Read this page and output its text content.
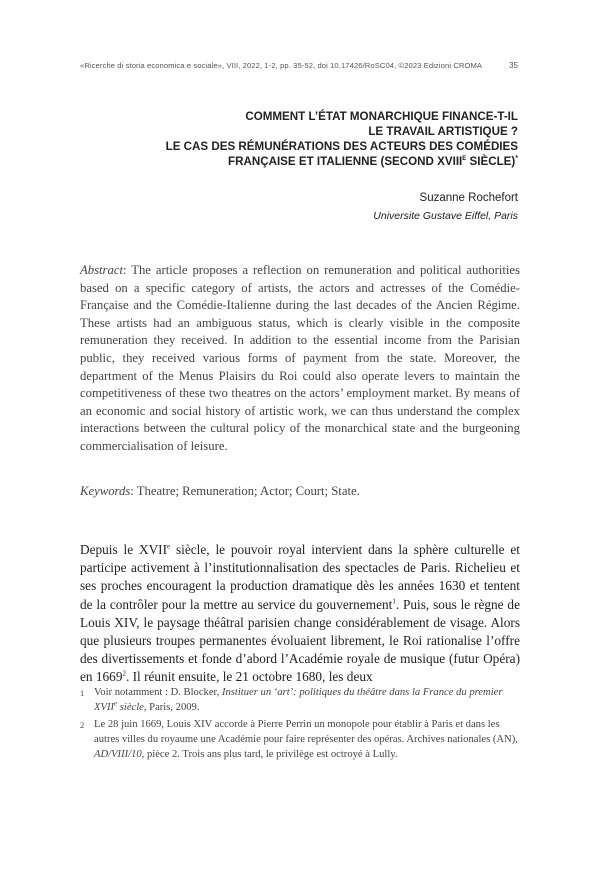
«Ricerche di storia economica e sociale», VIII, 2022, 1-2, pp. 35-52, doi 10.17426/RoSC04, ©2023 Edizioni CROMA	35
COMMENT L’ÉTAT MONARCHIQUE FINANCE-T-IL
LE TRAVAIL ARTISTIQUE ?
LE CAS DES RÉMUNÉRATIONS DES ACTEURS DES COMÉDIES
FRANÇAISE ET ITALIENNE (SECOND $XVIII^E$ SIÈCLE)*
Suzanne Rochefort
Universite Gustave Eiffel, Paris
Abstract: The article proposes a reflection on remuneration and political authorities based on a specific category of artists, the actors and actresses of the Comédie-Française and the Comédie-Italienne during the last decades of the Ancien Régime. These artists had an ambiguous status, which is clearly visible in the composite remuneration they received. In addition to the essential income from the Parisian public, they received various forms of payment from the state. Moreover, the department of the Menus Plaisirs du Roi could also operate levers to maintain the competitiveness of these two theatres on the actors’ employment market. By means of an economic and social history of artistic work, we can thus understand the complex interactions between the cultural policy of the monarchical state and the burgeoning commercialisation of leisure.
Keywords: Theatre; Remuneration; Actor; Court; State.
Depuis le XVIIe siècle, le pouvoir royal intervient dans la sphère culturelle et participe activement à l’institutionnalisation des spectacles de Paris. Richelieu et ses proches encouragent la production dramatique dès les années 1630 et tentent de la contrôler pour la mettre au service du gouvernement$^1$. Puis, sous le règne de Louis XIV, le paysage théâtral parisien change considérablement de visage. Alors que plusieurs troupes permanentes évoluaient librement, le Roi rationalise l’offre des divertissements et fonde d’abord l’Académie royale de musique (futur Opéra) en 1669$^2$. Il réunit ensuite, le 21 octobre 1680, les deux
1 Voir notamment : D. Blocker, Instituer un ‘art’: politiques du théâtre dans la France du premier XVIIe siècle, Paris, 2009.
2 Le 28 juin 1669, Louis XIV accorde à Pierre Perrin un monopole pour établir à Paris et dans les autres villes du royaume une Académie pour faire représenter des opéras. Archives nationales (AN), AD/VIII/10, pièce 2. Trois ans plus tard, le privilège est octroyé à Lully.
